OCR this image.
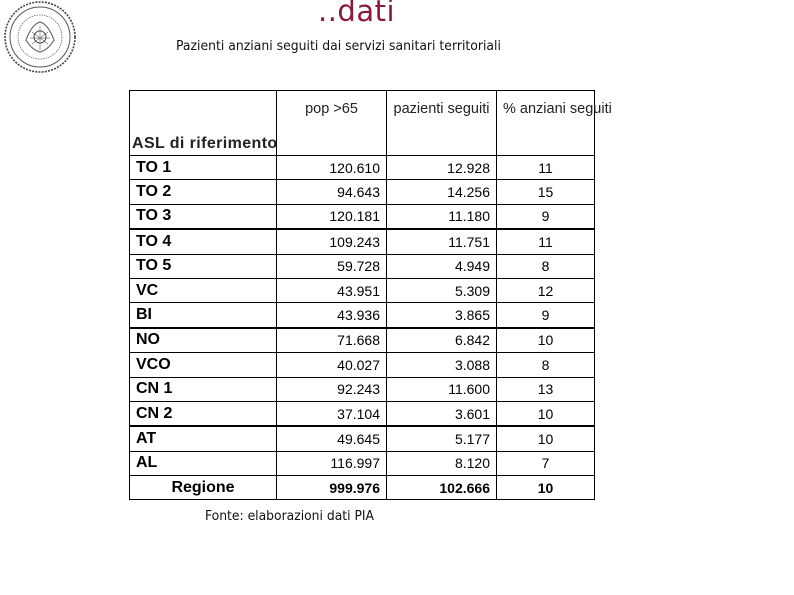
..dati
Pazienti anziani seguiti dai servizi sanitari territoriali
ASL di riferimento	pop >65	pazienti seguiti	% anziani seguiti
TO 1	120.610	12.928	11
TO 2	94.643	14.256	15
TO 3	120.181	11.180	9
TO 4	109.243	11.751	11
TO 5	59.728	4.949	8
VC	43.951	5.309	12
BI	43.936	3.865	9
NO	71.668	6.842	10
VCO	40.027	3.088	8
CN 1	92.243	11.600	13
CN 2	37.104	3.601	10
AT	49.645	5.177	10
AL	116.997	8.120	7
Regione	999.976	102.666	10
Fonte: elaborazioni dati PIA
